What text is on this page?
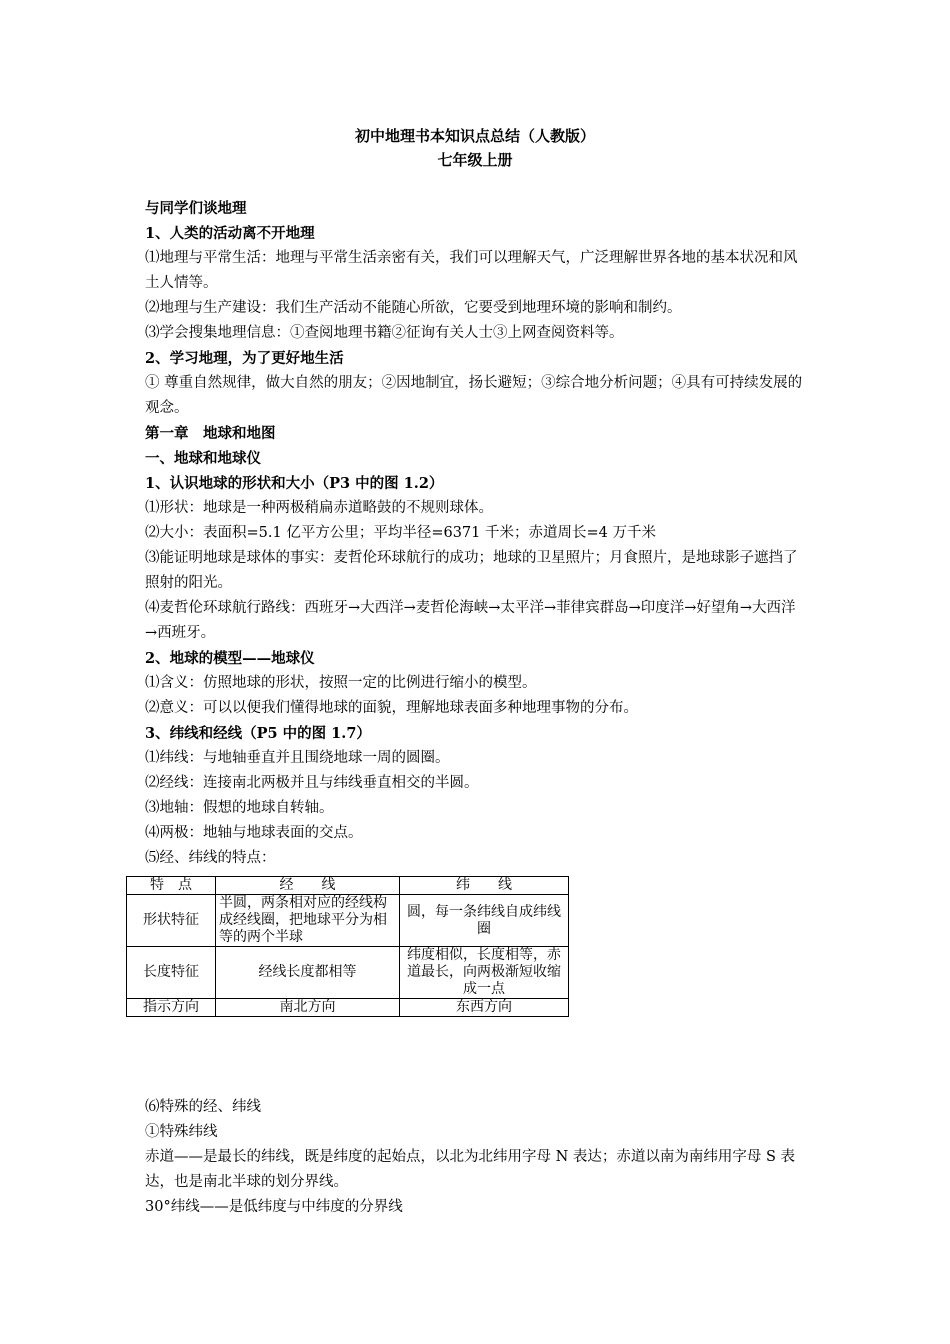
初中地理书本知识点总结（人教版）
七年级上册
与同学们谈地理
1、人类的活动离不开地理
⑴地理与平常生活：地理与平常生活亲密有关，我们可以理解天气，广泛理解世界各地的基本状况和风土人情等。
⑵地理与生产建设：我们生产活动不能随心所欲，它要受到地理环境的影响和制约。
⑶学会搜集地理信息：①查阅地理书籍②征询有关人士③上网查阅资料等。
2、学习地理，为了更好地生活
① 尊重自然规律，做大自然的朋友；②因地制宜，扬长避短；③综合地分析问题；④具有可持续发展的观念。
第一章　地球和地图
一、地球和地球仪
1、认识地球的形状和大小（P3 中的图 1.2）
⑴形状：地球是一种两极稍扁赤道略鼓的不规则球体。
⑵大小：表面积=5.1 亿平方公里；平均半径=6371 千米；赤道周长=4 万千米
⑶能证明地球是球体的事实：麦哲伦环球航行的成功；地球的卫星照片；月食照片，是地球影子遮挡了照射的阳光。
⑷麦哲伦环球航行路线：西班牙→大西洋→麦哲伦海峡→太平洋→菲律宾群岛→印度洋→好望角→大西洋→西班牙。
2、地球的模型——地球仪
⑴含义：仿照地球的形状，按照一定的比例进行缩小的模型。
⑵意义：可以以便我们懂得地球的面貌，理解地球表面多种地理事物的分布。
3、纬线和经线（P5 中的图 1.7）
⑴纬线：与地轴垂直并且围绕地球一周的圆圈。
⑵经线：连接南北两极并且与纬线垂直相交的半圆。
⑶地轴：假想的地球自转轴。
⑷两极：地轴与地球表面的交点。
⑸经、纬线的特点：
特　点	经　　线	纬　　线
形状特征	半圆，两条相对应的经线构成经线圈，把地球平分为相等的两个半球	圆，每一条纬线自成纬线圈
长度特征	经线长度都相等	纬度相似，长度相等，赤道最长，向两极渐短收缩成一点
指示方向	南北方向	东西方向
⑹特殊的经、纬线
①特殊纬线
赤道——是最长的纬线，既是纬度的起始点，以北为北纬用字母 N 表达；赤道以南为南纬用字母 S 表达，也是南北半球的划分界线。
30°纬线——是低纬度与中纬度的分界线
